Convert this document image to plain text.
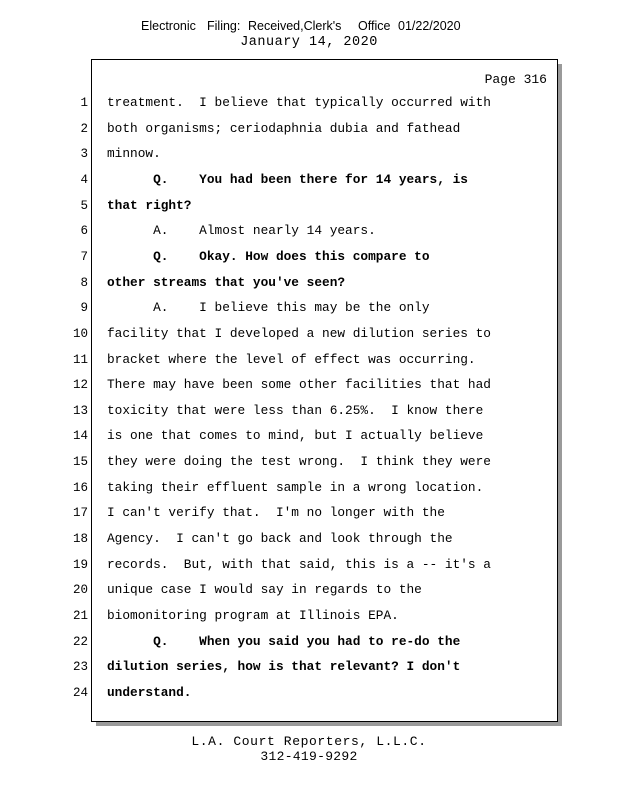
Electronic Filing: Received,Clerk's Office 01/22/2020
January 14, 2020
Page 316
1 treatment.  I believe that typically occurred with
2 both organisms; ceriodaphnia dubia and fathead
3 minnow.
4 Q.    You had been there for 14 years, is
5 that right?
6 A.    Almost nearly 14 years.
7 Q.    Okay. How does this compare to
8 other streams that you've seen?
9 A.    I believe this may be the only
10 facility that I developed a new dilution series to
11 bracket where the level of effect was occurring.
12 There may have been some other facilities that had
13 toxicity that were less than 6.25%.  I know there
14 is one that comes to mind, but I actually believe
15 they were doing the test wrong.  I think they were
16 taking their effluent sample in a wrong location.
17 I can't verify that.  I'm no longer with the
18 Agency.  I can't go back and look through the
19 records.  But, with that said, this is a -- it's a
20 unique case I would say in regards to the
21 biomonitoring program at Illinois EPA.
22 Q.    When you said you had to re-do the
23 dilution series, how is that relevant? I don't
24 understand.
L.A. Court Reporters, L.L.C.
312-419-9292
